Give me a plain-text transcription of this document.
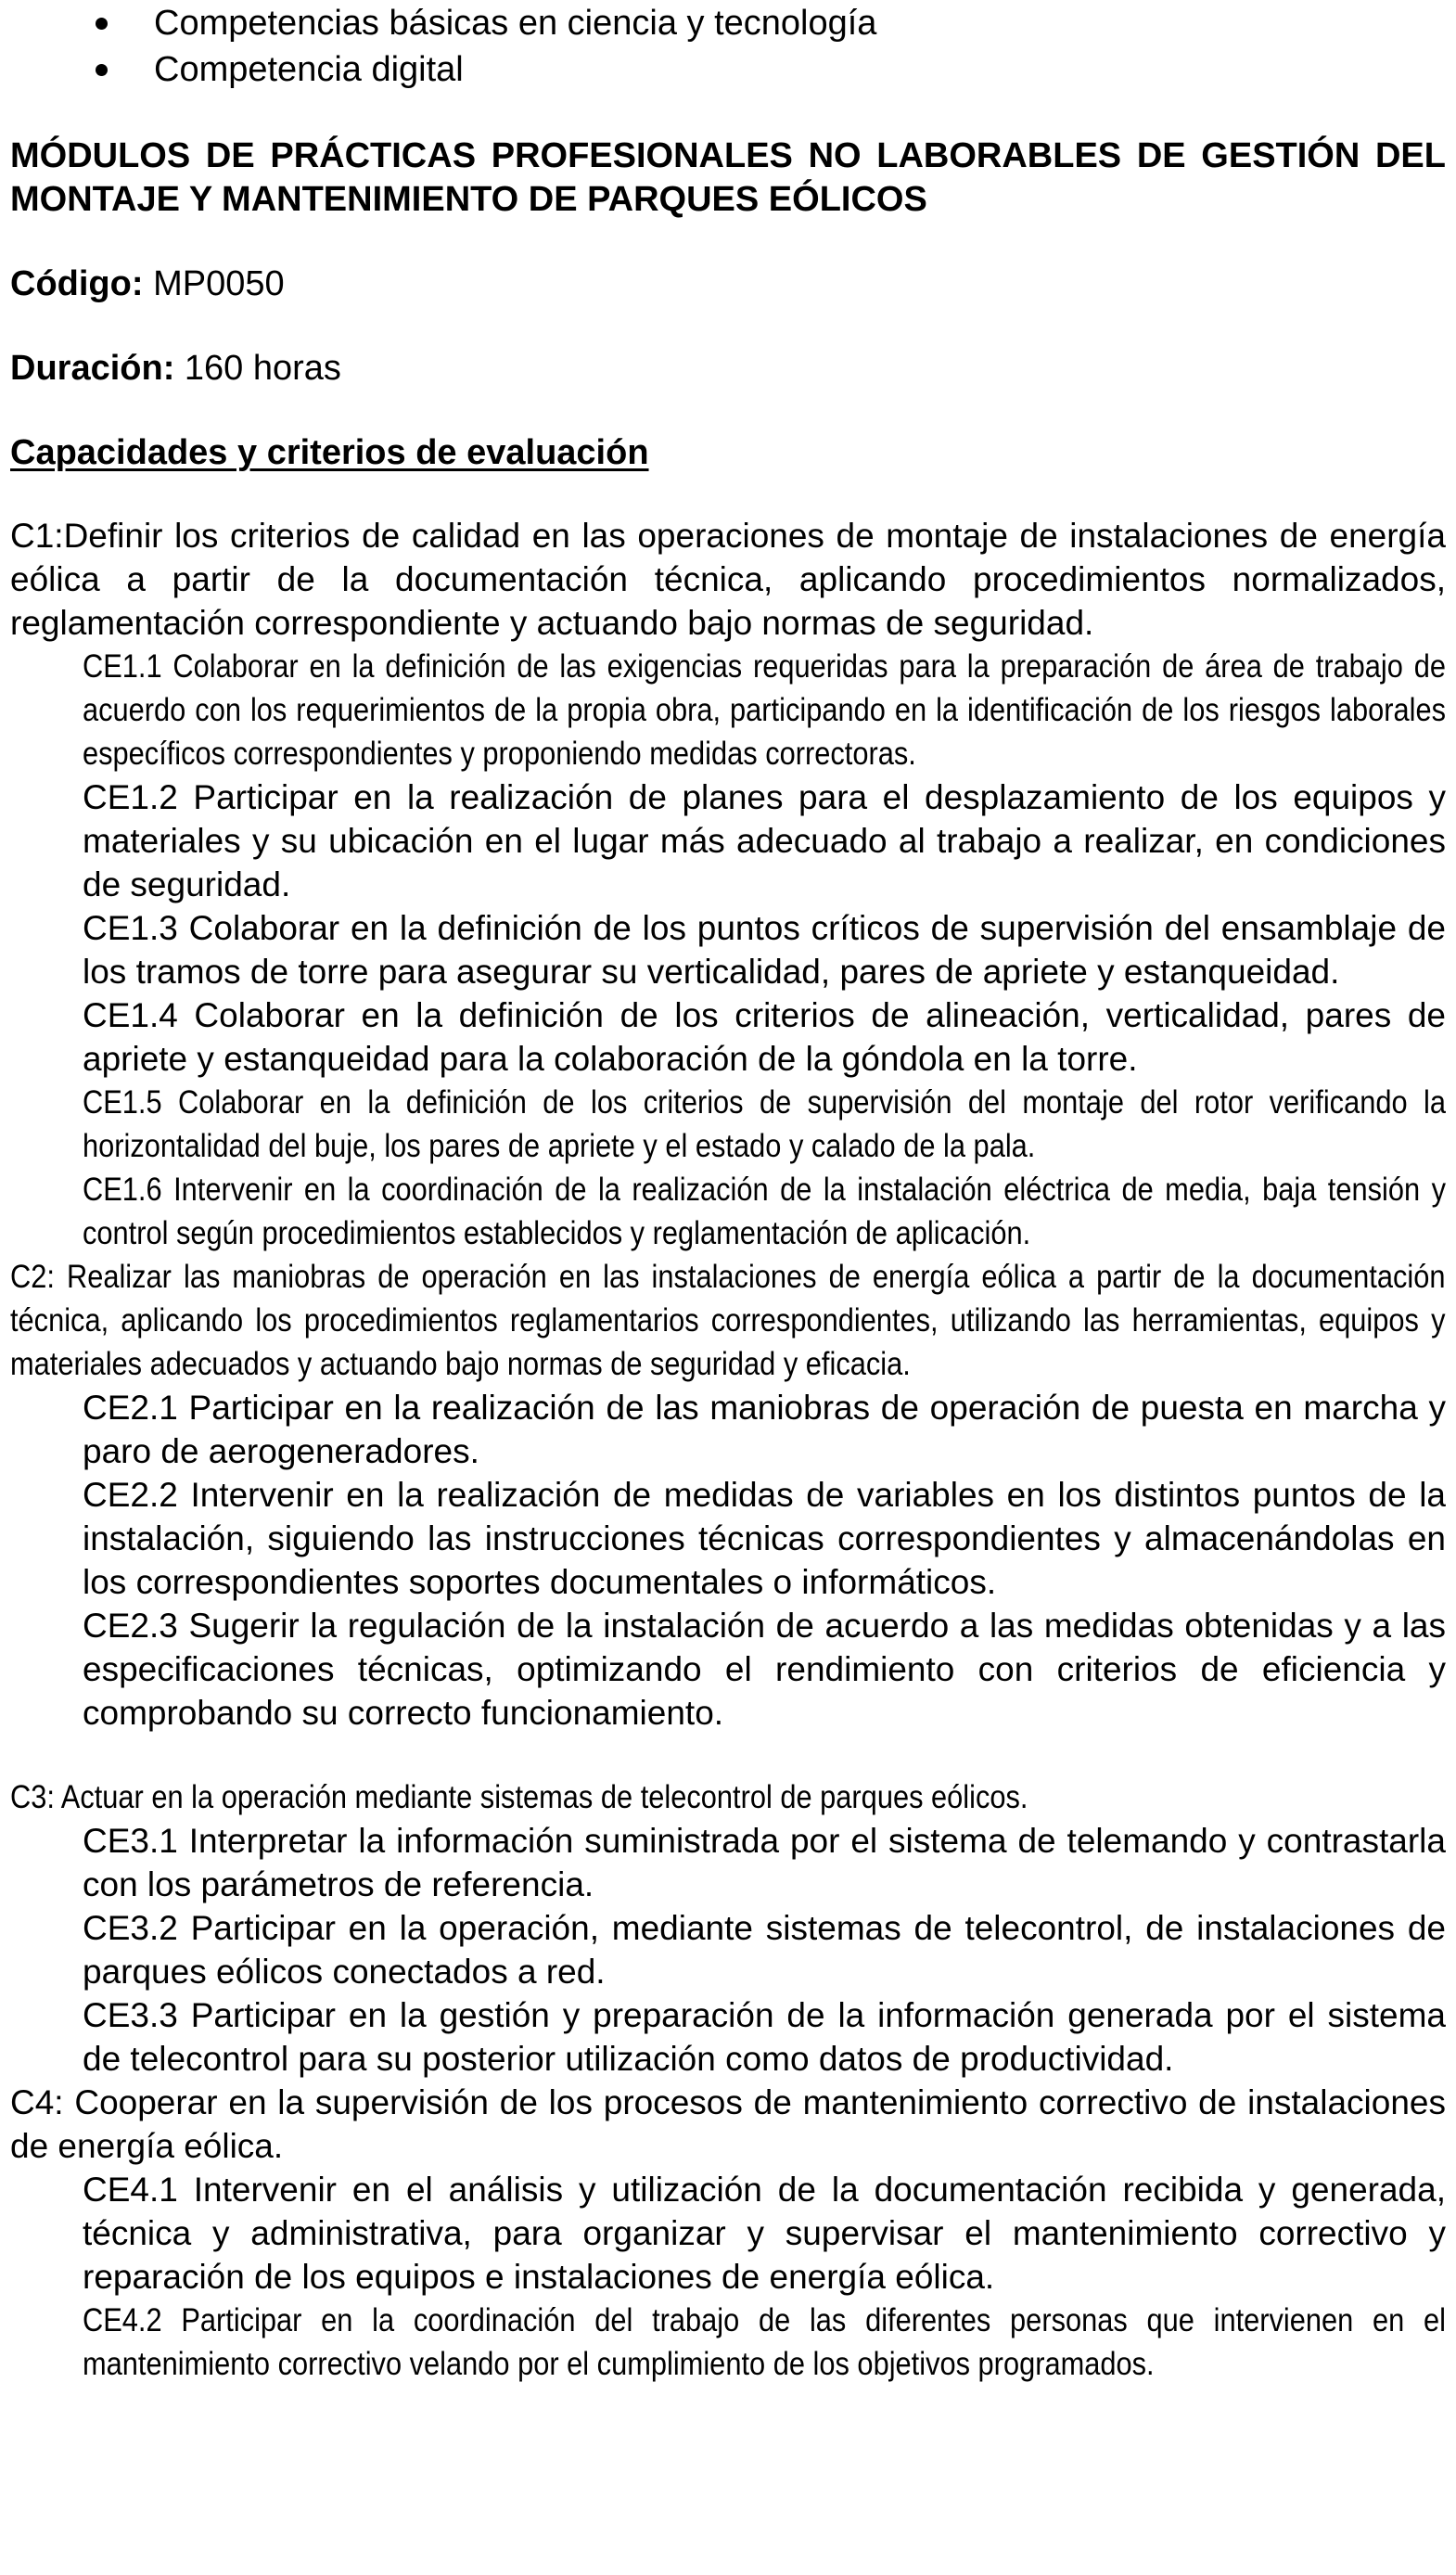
Competencias básicas en ciencia y tecnología
Competencia digital
MÓDULOS DE PRÁCTICAS PROFESIONALES NO LABORABLES DE GESTIÓN DEL MONTAJE Y MANTENIMIENTO DE PARQUES EÓLICOS
Código: MP0050
Duración: 160 horas
Capacidades y criterios de evaluación
C1:Definir los criterios de calidad en las operaciones de montaje de instalaciones de energía eólica a partir de la documentación técnica, aplicando procedimientos normalizados, reglamentación correspondiente y actuando bajo normas de seguridad.
CE1.1 Colaborar en la definición de las exigencias requeridas para la preparación de área de trabajo de acuerdo con los requerimientos de la propia obra, participando en la identificación de los riesgos laborales específicos correspondientes y proponiendo medidas correctoras.
CE1.2 Participar en la realización de planes para el desplazamiento de los equipos y materiales y su ubicación en el lugar más adecuado al trabajo a realizar, en condiciones de seguridad.
CE1.3 Colaborar en la definición de los puntos críticos de supervisión del ensamblaje de los tramos de torre para asegurar su verticalidad, pares de apriete y estanqueidad.
CE1.4 Colaborar en la definición de los criterios de alineación, verticalidad, pares de apriete y estanqueidad para la colaboración de la góndola en la torre.
CE1.5 Colaborar en la definición de los criterios de supervisión del montaje del rotor verificando la horizontalidad del buje, los pares de apriete y el estado y calado de la pala.
CE1.6 Intervenir en la coordinación de la realización de la instalación eléctrica de media, baja tensión y control según procedimientos establecidos y reglamentación de aplicación.
C2: Realizar las maniobras de operación en las instalaciones de energía eólica a partir de la documentación técnica, aplicando los procedimientos reglamentarios correspondientes, utilizando las herramientas, equipos y materiales adecuados y actuando bajo normas de seguridad y eficacia.
CE2.1 Participar en la realización de las maniobras de operación de puesta en marcha y paro de aerogeneradores.
CE2.2 Intervenir en la realización de medidas de variables en los distintos puntos de la instalación, siguiendo las instrucciones técnicas correspondientes y almacenándolas en los correspondientes soportes documentales o informáticos.
CE2.3 Sugerir la regulación de la instalación de acuerdo a las medidas obtenidas y a las especificaciones técnicas, optimizando el rendimiento con criterios de eficiencia y comprobando su correcto funcionamiento.
C3: Actuar en la operación mediante sistemas de telecontrol de parques eólicos.
CE3.1 Interpretar la información suministrada por el sistema de telemando y contrastarla con los parámetros de referencia.
CE3.2 Participar en la operación, mediante sistemas de telecontrol, de instalaciones de parques eólicos conectados a red.
CE3.3 Participar en la gestión y preparación de la información generada por el sistema de telecontrol para su posterior utilización como datos de productividad.
C4: Cooperar en la supervisión de los procesos de mantenimiento correctivo de instalaciones de energía eólica.
CE4.1 Intervenir en el análisis y utilización de la documentación recibida y generada, técnica y administrativa, para organizar y supervisar el mantenimiento correctivo y reparación de los equipos e instalaciones de energía eólica.
CE4.2 Participar en la coordinación del trabajo de las diferentes personas que intervienen en el mantenimiento correctivo velando por el cumplimiento de los objetivos programados.
